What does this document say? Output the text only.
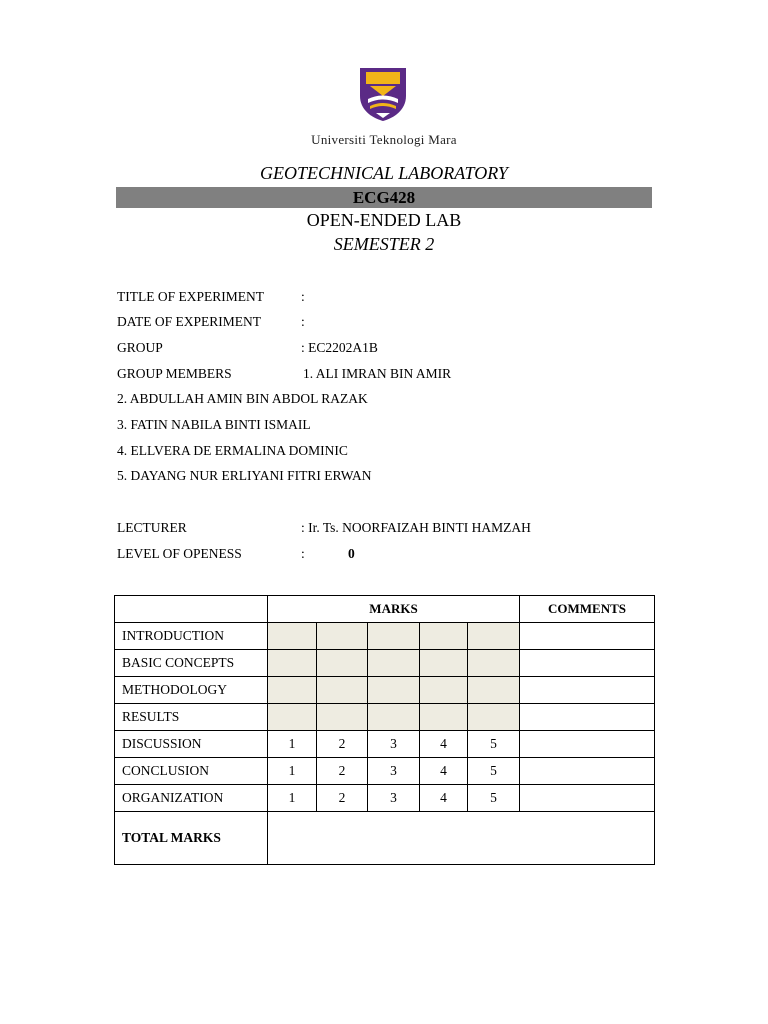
Universiti Teknologi Mara
GEOTECHNICAL LABORATORY
ECG428
OPEN-ENDED LAB
SEMESTER 2
TITLE OF EXPERIMENT	:
DATE OF EXPERIMENT	:
GROUP	: EC2202A1B
GROUP MEMBERS	1. ALI IMRAN BIN AMIR
2. ABDULLAH AMIN BIN ABDOL RAZAK
3. FATIN NABILA BINTI ISMAIL
4. ELLVERA DE ERMALINA DOMINIC
5. DAYANG NUR ERLIYANI FITRI ERWAN
LECTURER	: Ir. Ts. NOORFAIZAH BINTI HAMZAH
LEVEL OF OPENESS	:	0
	MARKS					COMMENTS
INTRODUCTION						
BASIC CONCEPTS						
METHODOLOGY						
RESULTS						
DISCUSSION	1	2	3	4	5	
CONCLUSION	1	2	3	4	5	
ORGANIZATION	1	2	3	4	5	
TOTAL MARKS						
